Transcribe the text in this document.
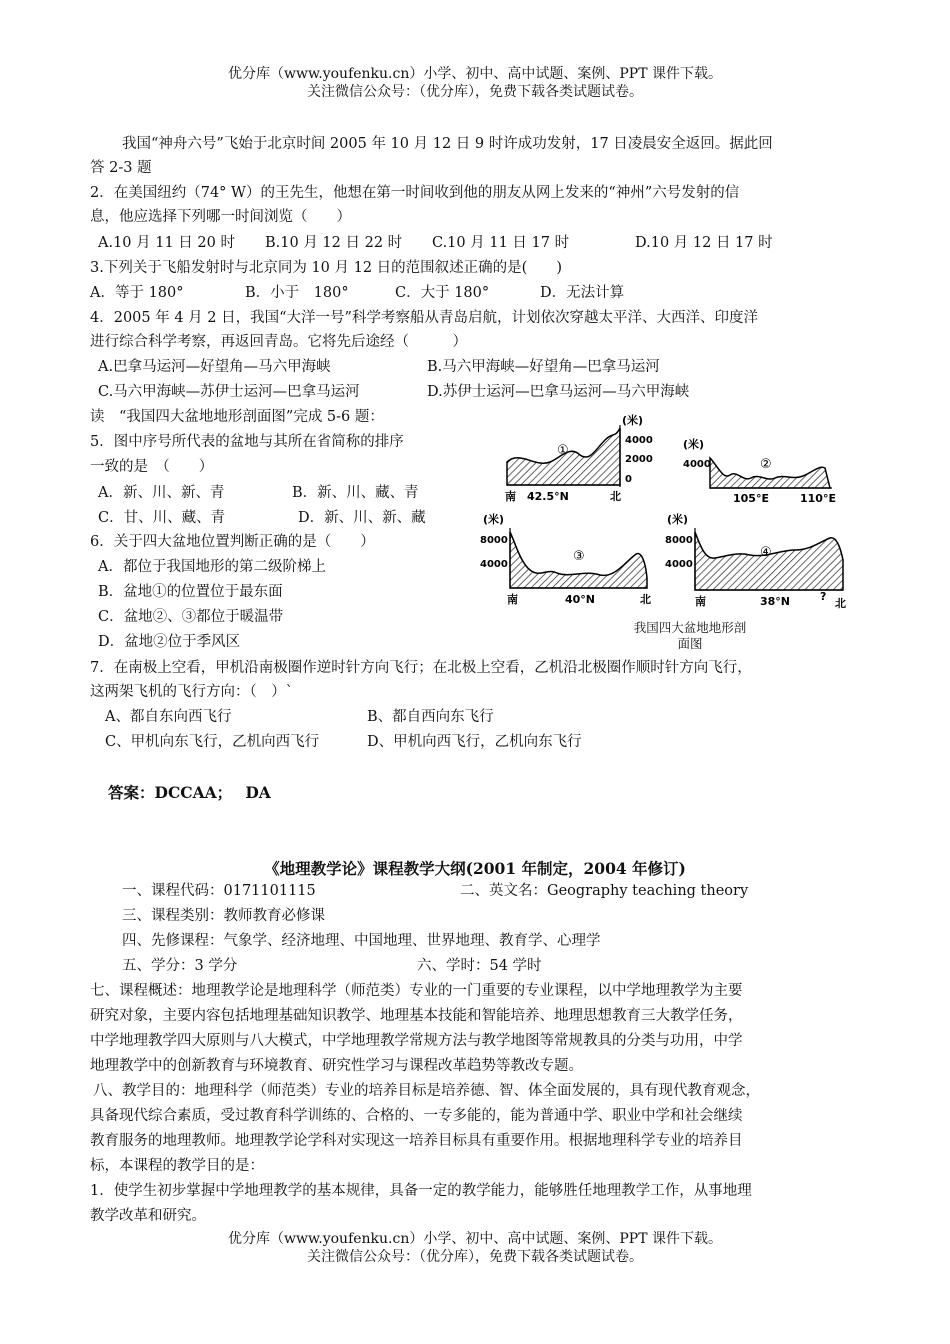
优分库（www.youfenku.cn）小学、初中、高中试题、案例、PPT 课件下载。
关注微信公众号：（优分库），免费下载各类试题试卷。
我国“神舟六号”飞始于北京时间 2005 年 10 月 12 日 9 时许成功发射，17 日凌晨安全返回。据此回
答 2-3 题
2．在美国纽约（74° W）的王先生，他想在第一时间收到他的朋友从网上发来的“神州”六号发射的信
息，他应选择下列哪一时间浏览（　　）
A.10 月 11 日 20 时 B.10 月 12 日 22 时 C.10 月 11 日 17 时	D.10 月 12 日 17 时
3.下列关于飞船发射时与北京同为 10 月 12 日的范围叙述正确的是(　　)
A．等于 180°	B．小于　180°	C．大于 180°	D．无法计算
4．2005 年 4 月 2 日，我国“大洋一号”科学考察船从青岛启航，计划依次穿越太平洋、大西洋、印度洋
进行综合科学考察，再返回青岛。它将先后途经（　　　）
A.巴拿马运河—好望角—马六甲海峡	B.马六甲海峡—好望角—巴拿马运河
C.马六甲海峡—苏伊士运河—巴拿马运河	D.苏伊士运河—巴拿马运河—马六甲海峡
读　“我国四大盆地地形剖面图”完成 5-6 题：
5．图中序号所代表的盆地与其所在省简称的排序
一致的是　（　　）
A．新、川、新、青	B．新、川、藏、青
C．甘、川、藏、青	D．新、川、新、藏
6．关于四大盆地位置判断正确的是（　　）
A．都位于我国地形的第二级阶梯上
B．盆地①的位置位于最东面
C．盆地②、③都位于暖温带
D．盆地②位于季风区
①
(米)
4000
2000
0
南 42.5°N	北
(米)
4000	②
105°E	110°E
(米)
8000
4000
③
南	40°N	北
(米)
8000
4000
④
南	38°N	?
北
我国四大盆地地形剖
面图
7．在南极上空看，甲机沿南极圈作逆时针方向飞行；在北极上空看，乙机沿北极圈作顺时针方向飞行，
这两架飞机的飞行方向：（　）`
A、都自东向西飞行	B、都自西向东飞行
C、甲机向东飞行，乙机向西飞行	D、甲机向西飞行，乙机向东飞行
答案：DCCAA；　 DA
《地理教学论》课程教学大纲(2001 年制定，2004 年修订)
一、课程代码：0171101115	二、英文名：Geography teaching theory
三、课程类别：教师教育必修课
四、先修课程：气象学、经济地理、中国地理、世界地理、教育学、心理学
五、学分：3 学分	六、学时：54 学时
七、课程概述：地理教学论是地理科学（师范类）专业的一门重要的专业课程，以中学地理教学为主要
研究对象，主要内容包括地理基础知识教学、地理基本技能和智能培养、地理思想教育三大教学任务，
中学地理教学四大原则与八大模式，中学地理教学常规方法与教学地图等常规教具的分类与功用，中学
地理教学中的创新教育与环境教育、研究性学习与课程改革趋势等教改专题。
八、教学目的：地理科学（师范类）专业的培养目标是培养德、智、体全面发展的，具有现代教育观念，
具备现代综合素质，受过教育科学训练的、合格的、一专多能的，能为普通中学、职业中学和社会继续
教育服务的地理教师。地理教学论学科对实现这一培养目标具有重要作用。根据地理科学专业的培养目
标，本课程的教学目的是：
1．使学生初步掌握中学地理教学的基本规律，具备一定的教学能力，能够胜任地理教学工作，从事地理
教学改革和研究。
优分库（www.youfenku.cn）小学、初中、高中试题、案例、PPT 课件下载。
关注微信公众号：（优分库），免费下载各类试题试卷。
